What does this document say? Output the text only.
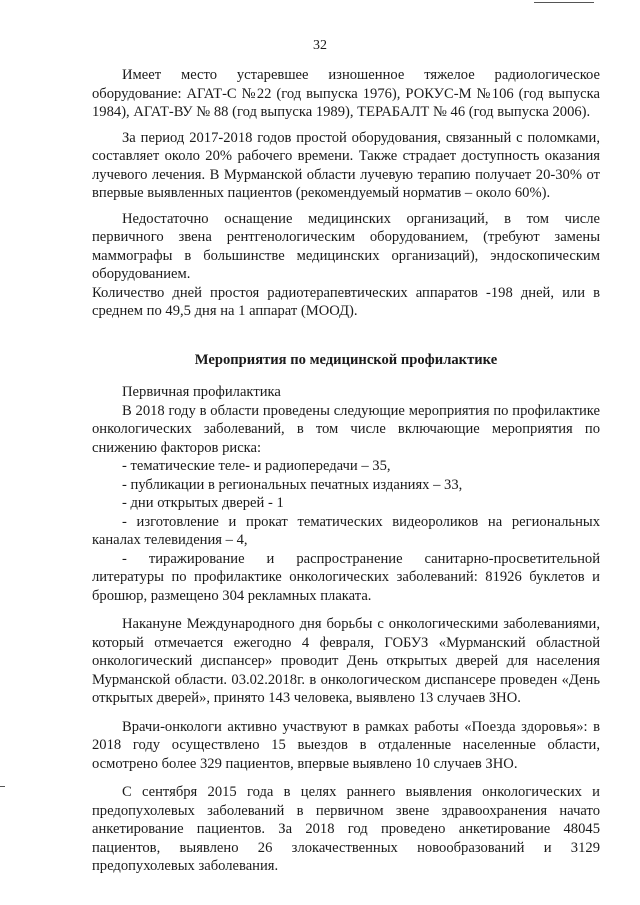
32

Имеет место устаревшее изношенное тяжелое радиологическое оборудование: АГАТ-С №22 (год выпуска 1976), РОКУС-М №106 (год выпуска 1984), АГАТ-ВУ № 88 (год выпуска 1989), ТЕРАБАЛТ № 46 (год выпуска 2006).

За период 2017-2018 годов простой оборудования, связанный с поломками, составляет около 20% рабочего времени. Также страдает доступность оказания лучевого лечения. В Мурманской области лучевую терапию получает 20-30% от впервые выявленных пациентов (рекомендуемый норматив – около 60%).

Недостаточно оснащение медицинских организаций, в том числе первичного звена рентгенологическим оборудованием, (требуют замены маммографы в большинстве медицинских организаций), эндоскопическим оборудованием.

Количество дней простоя радиотерапевтических аппаратов -198 дней, или в среднем по 49,5 дня на 1 аппарат (МООД).

Мероприятия по медицинской профилактике

Первичная профилактика

В 2018 году в области проведены следующие мероприятия по профилактике онкологических заболеваний, в том числе включающие мероприятия по снижению факторов риска:

- тематические теле- и радиопередачи – 35,

- публикации в региональных печатных изданиях – 33,

- дни открытых дверей - 1

- изготовление и прокат тематических видеороликов на региональных каналах телевидения – 4,

- тиражирование и распространение санитарно-просветительной литературы по профилактике онкологических заболеваний: 81926 буклетов и брошюр, размещено 304 рекламных плаката.

Накануне Международного дня борьбы с онкологическими заболеваниями, который отмечается ежегодно 4 февраля, ГОБУЗ «Мурманский областной онкологический диспансер» проводит День открытых дверей для населения Мурманской области. 03.02.2018г. в онкологическом диспансере проведен «День открытых дверей», принято 143 человека, выявлено 13 случаев ЗНО.

Врачи-онкологи активно участвуют в рамках работы «Поезда здоровья»: в 2018 году осуществлено 15 выездов в отдаленные населенные области, осмотрено более 329 пациентов, впервые выявлено 10 случаев ЗНО.

С сентября 2015 года в целях раннего выявления онкологических и предопухолевых заболеваний в первичном звене здравоохранения начато анкетирование пациентов. За 2018 год проведено анкетирование 48045 пациентов, выявлено 26 злокачественных новообразований и 3129 предопухолевых заболевания.
